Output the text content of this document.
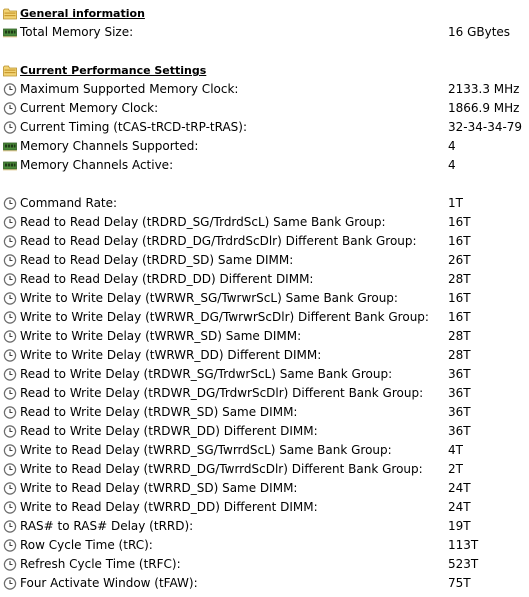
General information
Total Memory Size:	16 GBytes
Current Performance Settings
Maximum Supported Memory Clock:	2133.3 MHz
Current Memory Clock:	1866.9 MHz
Current Timing (tCAS-tRCD-tRP-tRAS):	32-34-34-79
Memory Channels Supported:	4
Memory Channels Active:	4
Command Rate:	1T
Read to Read Delay (tRDRD_SG/TrdrdScL) Same Bank Group:	16T
Read to Read Delay (tRDRD_DG/TrdrdScDlr) Different Bank Group:	16T
Read to Read Delay (tRDRD_SD) Same DIMM:	26T
Read to Read Delay (tRDRD_DD) Different DIMM:	28T
Write to Write Delay (tWRWR_SG/TwrwrScL) Same Bank Group:	16T
Write to Write Delay (tWRWR_DG/TwrwrScDlr) Different Bank Group: 16T
Write to Write Delay (tWRWR_SD) Same DIMM:	28T
Write to Write Delay (tWRWR_DD) Different DIMM:	28T
Read to Write Delay (tRDWR_SG/TrdwrScL) Same Bank Group:	36T
Read to Write Delay (tRDWR_DG/TrdwrScDlr) Different Bank Group: 36T
Read to Write Delay (tRDWR_SD) Same DIMM:	36T
Read to Write Delay (tRDWR_DD) Different DIMM:	36T
Write to Read Delay (tWRRD_SG/TwrrdScL) Same Bank Group:	4T
Write to Read Delay (tWRRD_DG/TwrrdScDlr) Different Bank Group: 2T
Write to Read Delay (tWRRD_SD) Same DIMM:	24T
Write to Read Delay (tWRRD_DD) Different DIMM:	24T
RAS# to RAS# Delay (tRRD):	19T
Row Cycle Time (tRC):	113T
Refresh Cycle Time (tRFC):	523T
Four Activate Window (tFAW):	75T
